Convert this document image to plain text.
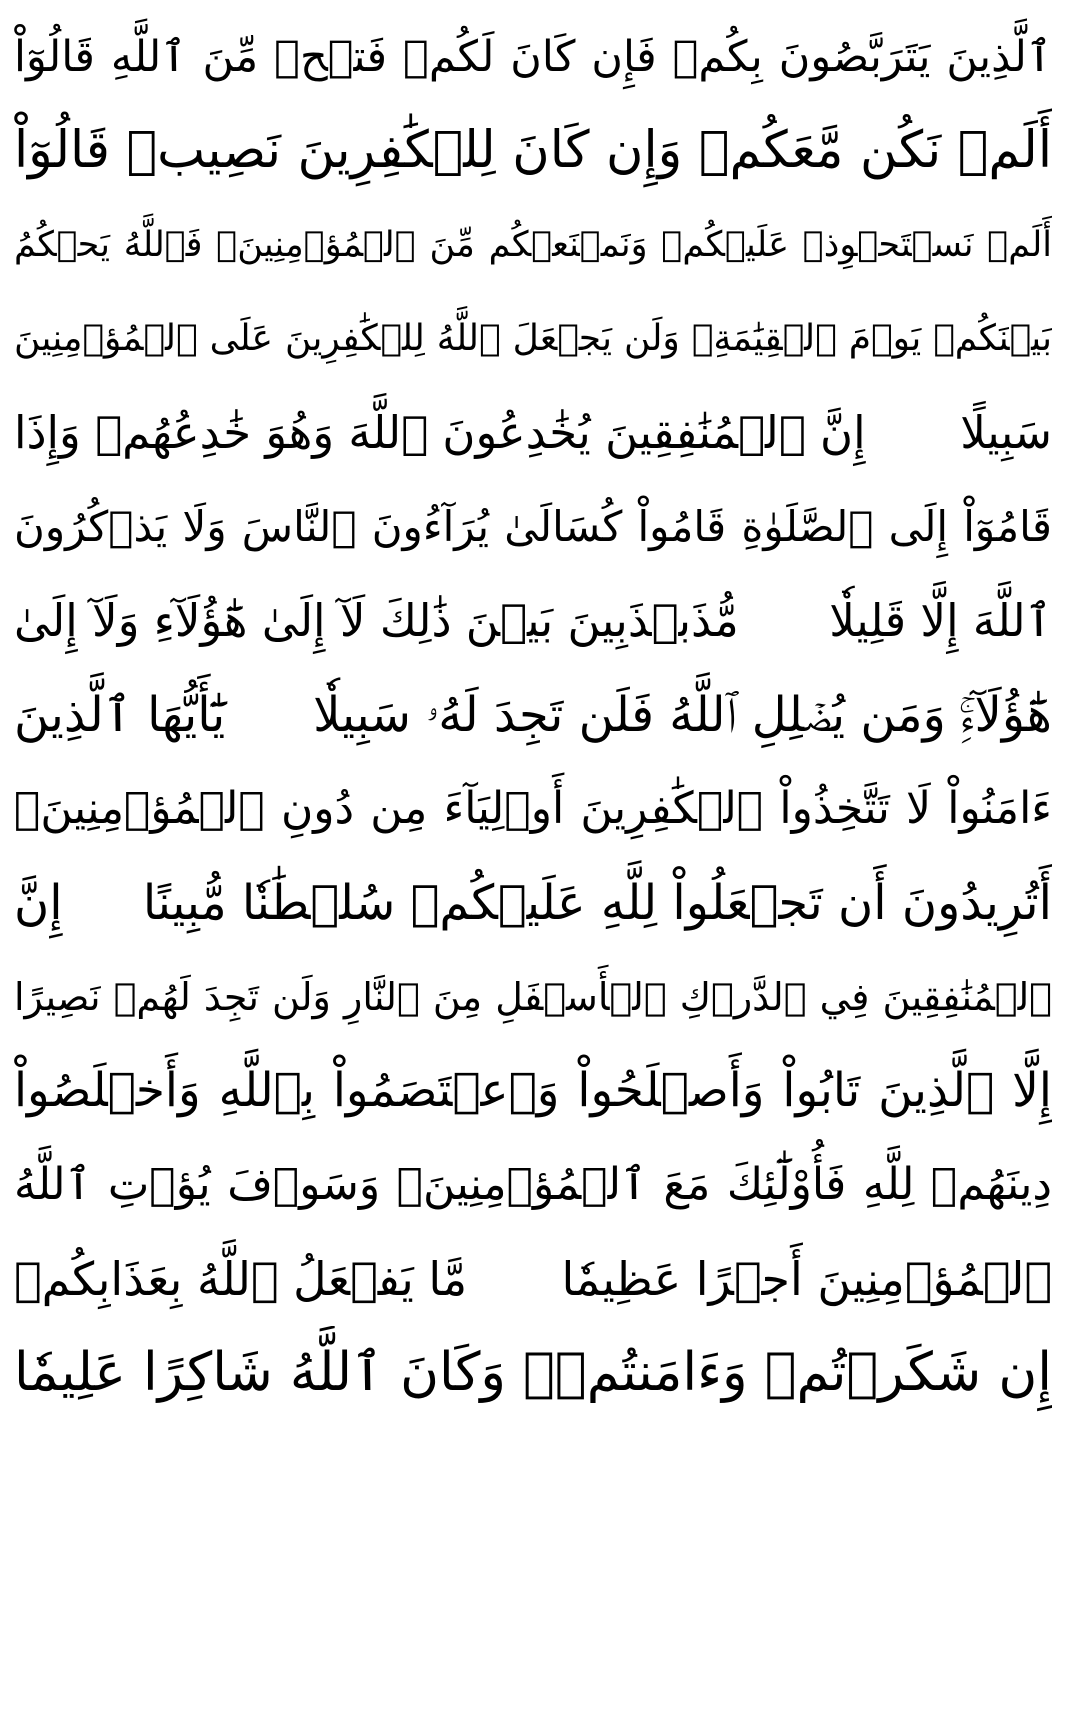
ٱلَّذِينَ يَتَرَبَّصُونَ بِكُمۡ فَإِن كَانَ لَكُمۡ فَتۡحٞ مِّنَ ٱللَّهِ قَالُوٓاْ
أَلَمۡ نَكُن مَّعَكُمۡ وَإِن كَانَ لِلۡكَٰفِرِينَ نَصِيبٞ قَالُوٓاْ
أَلَمۡ نَسۡتَحۡوِذۡ عَلَيۡكُمۡ وَنَمۡنَعۡكُم مِّنَ ٱلۡمُؤۡمِنِينَۚ فَٱللَّهُ يَحۡكُمُ
بَيۡنَكُمۡ يَوۡمَ ٱلۡقِيَٰمَةِۗ وَلَن يَجۡعَلَ ٱللَّهُ لِلۡكَٰفِرِينَ عَلَى ٱلۡمُؤۡمِنِينَ
سَبِيلًا
إِنَّ ٱلۡمُنَٰفِقِينَ يُخَٰدِعُونَ ٱللَّهَ وَهُوَ خَٰدِعُهُمۡ وَإِذَا
قَامُوٓاْ إِلَى ٱلصَّلَوٰةِ قَامُواْ كُسَالَىٰ يُرَآءُونَ ٱلنَّاسَ وَلَا يَذۡكُرُونَ
ٱللَّهَ إِلَّا قَلِيلٗا
مُّذَبۡذَبِينَ بَيۡنَ ذَٰلِكَ لَآ إِلَىٰ هَٰٓؤُلَآءِ وَلَآ إِلَىٰ
هَٰٓؤُلَآءِۚ وَمَن يُضۡلِلِ ٱللَّهُ فَلَن تَجِدَ لَهُۥ سَبِيلٗا
يَٰٓأَيُّهَا ٱلَّذِينَ
ءَامَنُواْ لَا تَتَّخِذُواْ ٱلۡكَٰفِرِينَ أَوۡلِيَآءَ مِن دُونِ ٱلۡمُؤۡمِنِينَۚ
أَتُرِيدُونَ أَن تَجۡعَلُواْ لِلَّهِ عَلَيۡكُمۡ سُلۡطَٰنٗا مُّبِينًا
إِنَّ
ٱلۡمُنَٰفِقِينَ فِي ٱلدَّرۡكِ ٱلۡأَسۡفَلِ مِنَ ٱلنَّارِ وَلَن تَجِدَ لَهُمۡ نَصِيرًا
إِلَّا ٱلَّذِينَ تَابُواْ وَأَصۡلَحُواْ وَٱعۡتَصَمُواْ بِٱللَّهِ وَأَخۡلَصُواْ
دِينَهُمۡ لِلَّهِ فَأُوْلَٰٓئِكَ مَعَ ٱلۡمُؤۡمِنِينَۖ وَسَوۡفَ يُؤۡتِ ٱللَّهُ
ٱلۡمُؤۡمِنِينَ أَجۡرًا عَظِيمٗا
مَّا يَفۡعَلُ ٱللَّهُ بِعَذَابِكُمۡ
إِن شَكَرۡتُمۡ وَءَامَنتُمۡۚ وَكَانَ ٱللَّهُ شَاكِرًا عَلِيمٗا
